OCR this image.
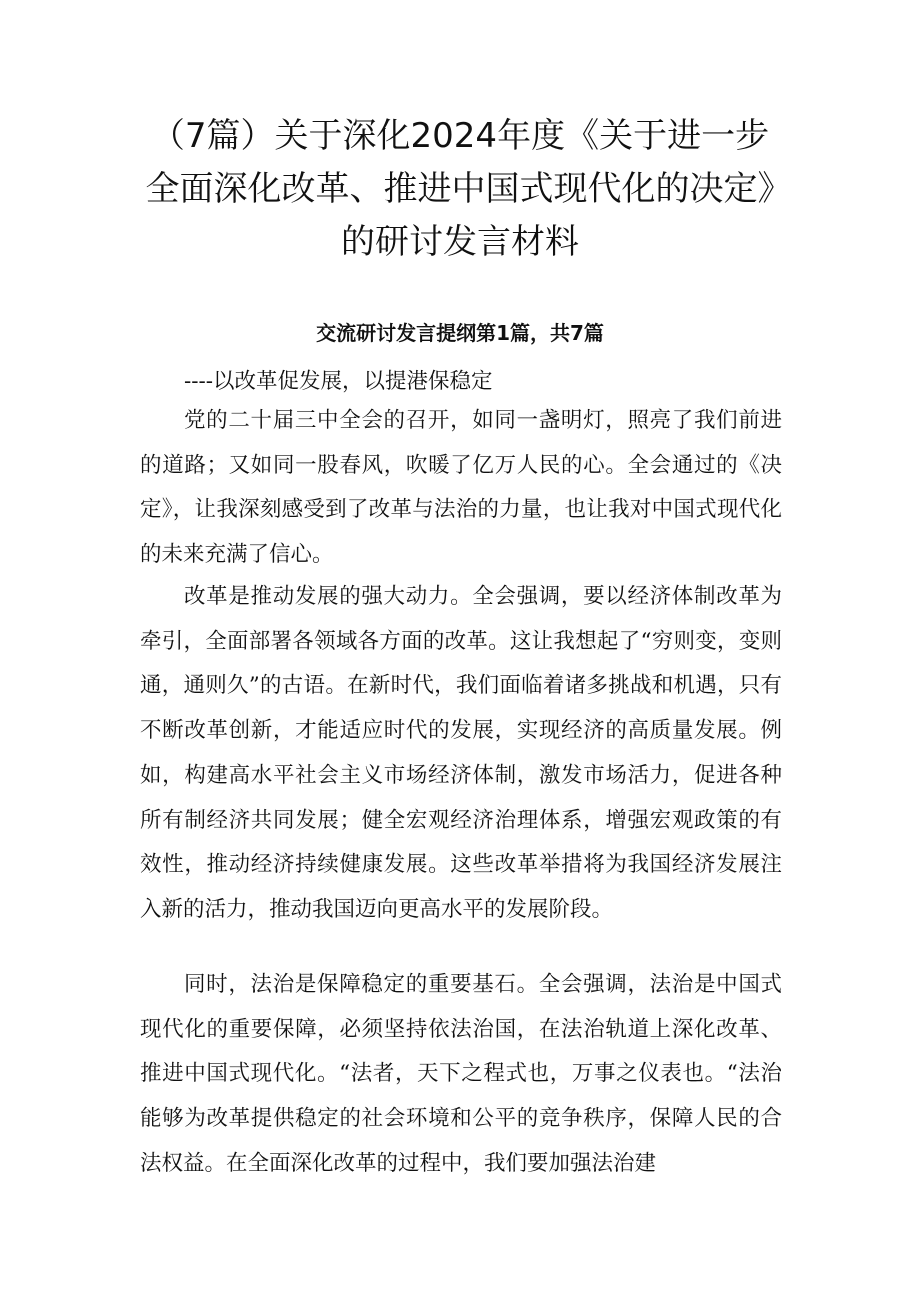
（7篇）关于深化2024年度《关于进一步全面深化改革、推进中国式现代化的决定》的研讨发言材料
交流研讨发言提纲第1篇，共7篇

----以改革促发展，以提港保稳定

党的二十届三中全会的召开，如同一盏明灯，照亮了我们前进的道路；又如同一股春风，吹暖了亿万人民的心。全会通过的《决定》，让我深刻感受到了改革与法治的力量，也让我对中国式现代化的未来充满了信心。

改革是推动发展的强大动力。全会强调，要以经济体制改革为牵引，全面部署各领域各方面的改革。这让我想起了“穷则变，变则通，通则久”的古语。在新时代，我们面临着诸多挑战和机遇，只有不断改革创新，才能适应时代的发展，实现经济的高质量发展。例如，构建高水平社会主义市场经济体制，激发市场活力，促进各种所有制经济共同发展；健全宏观经济治理体系，增强宏观政策的有效性，推动经济持续健康发展。这些改革举措将为我国经济发展注入新的活力，推动我国迈向更高水平的发展阶段。

同时，法治是保障稳定的重要基石。全会强调，法治是中国式现代化的重要保障，必须坚持依法治国，在法治轨道上深化改革、推进中国式现代化。“法者，天下之程式也，万事之仪表也。“法治能够为改革提供稳定的社会环境和公平的竞争秩序，保障人民的合法权益。在全面深化改革的过程中，我们要加强法治建
